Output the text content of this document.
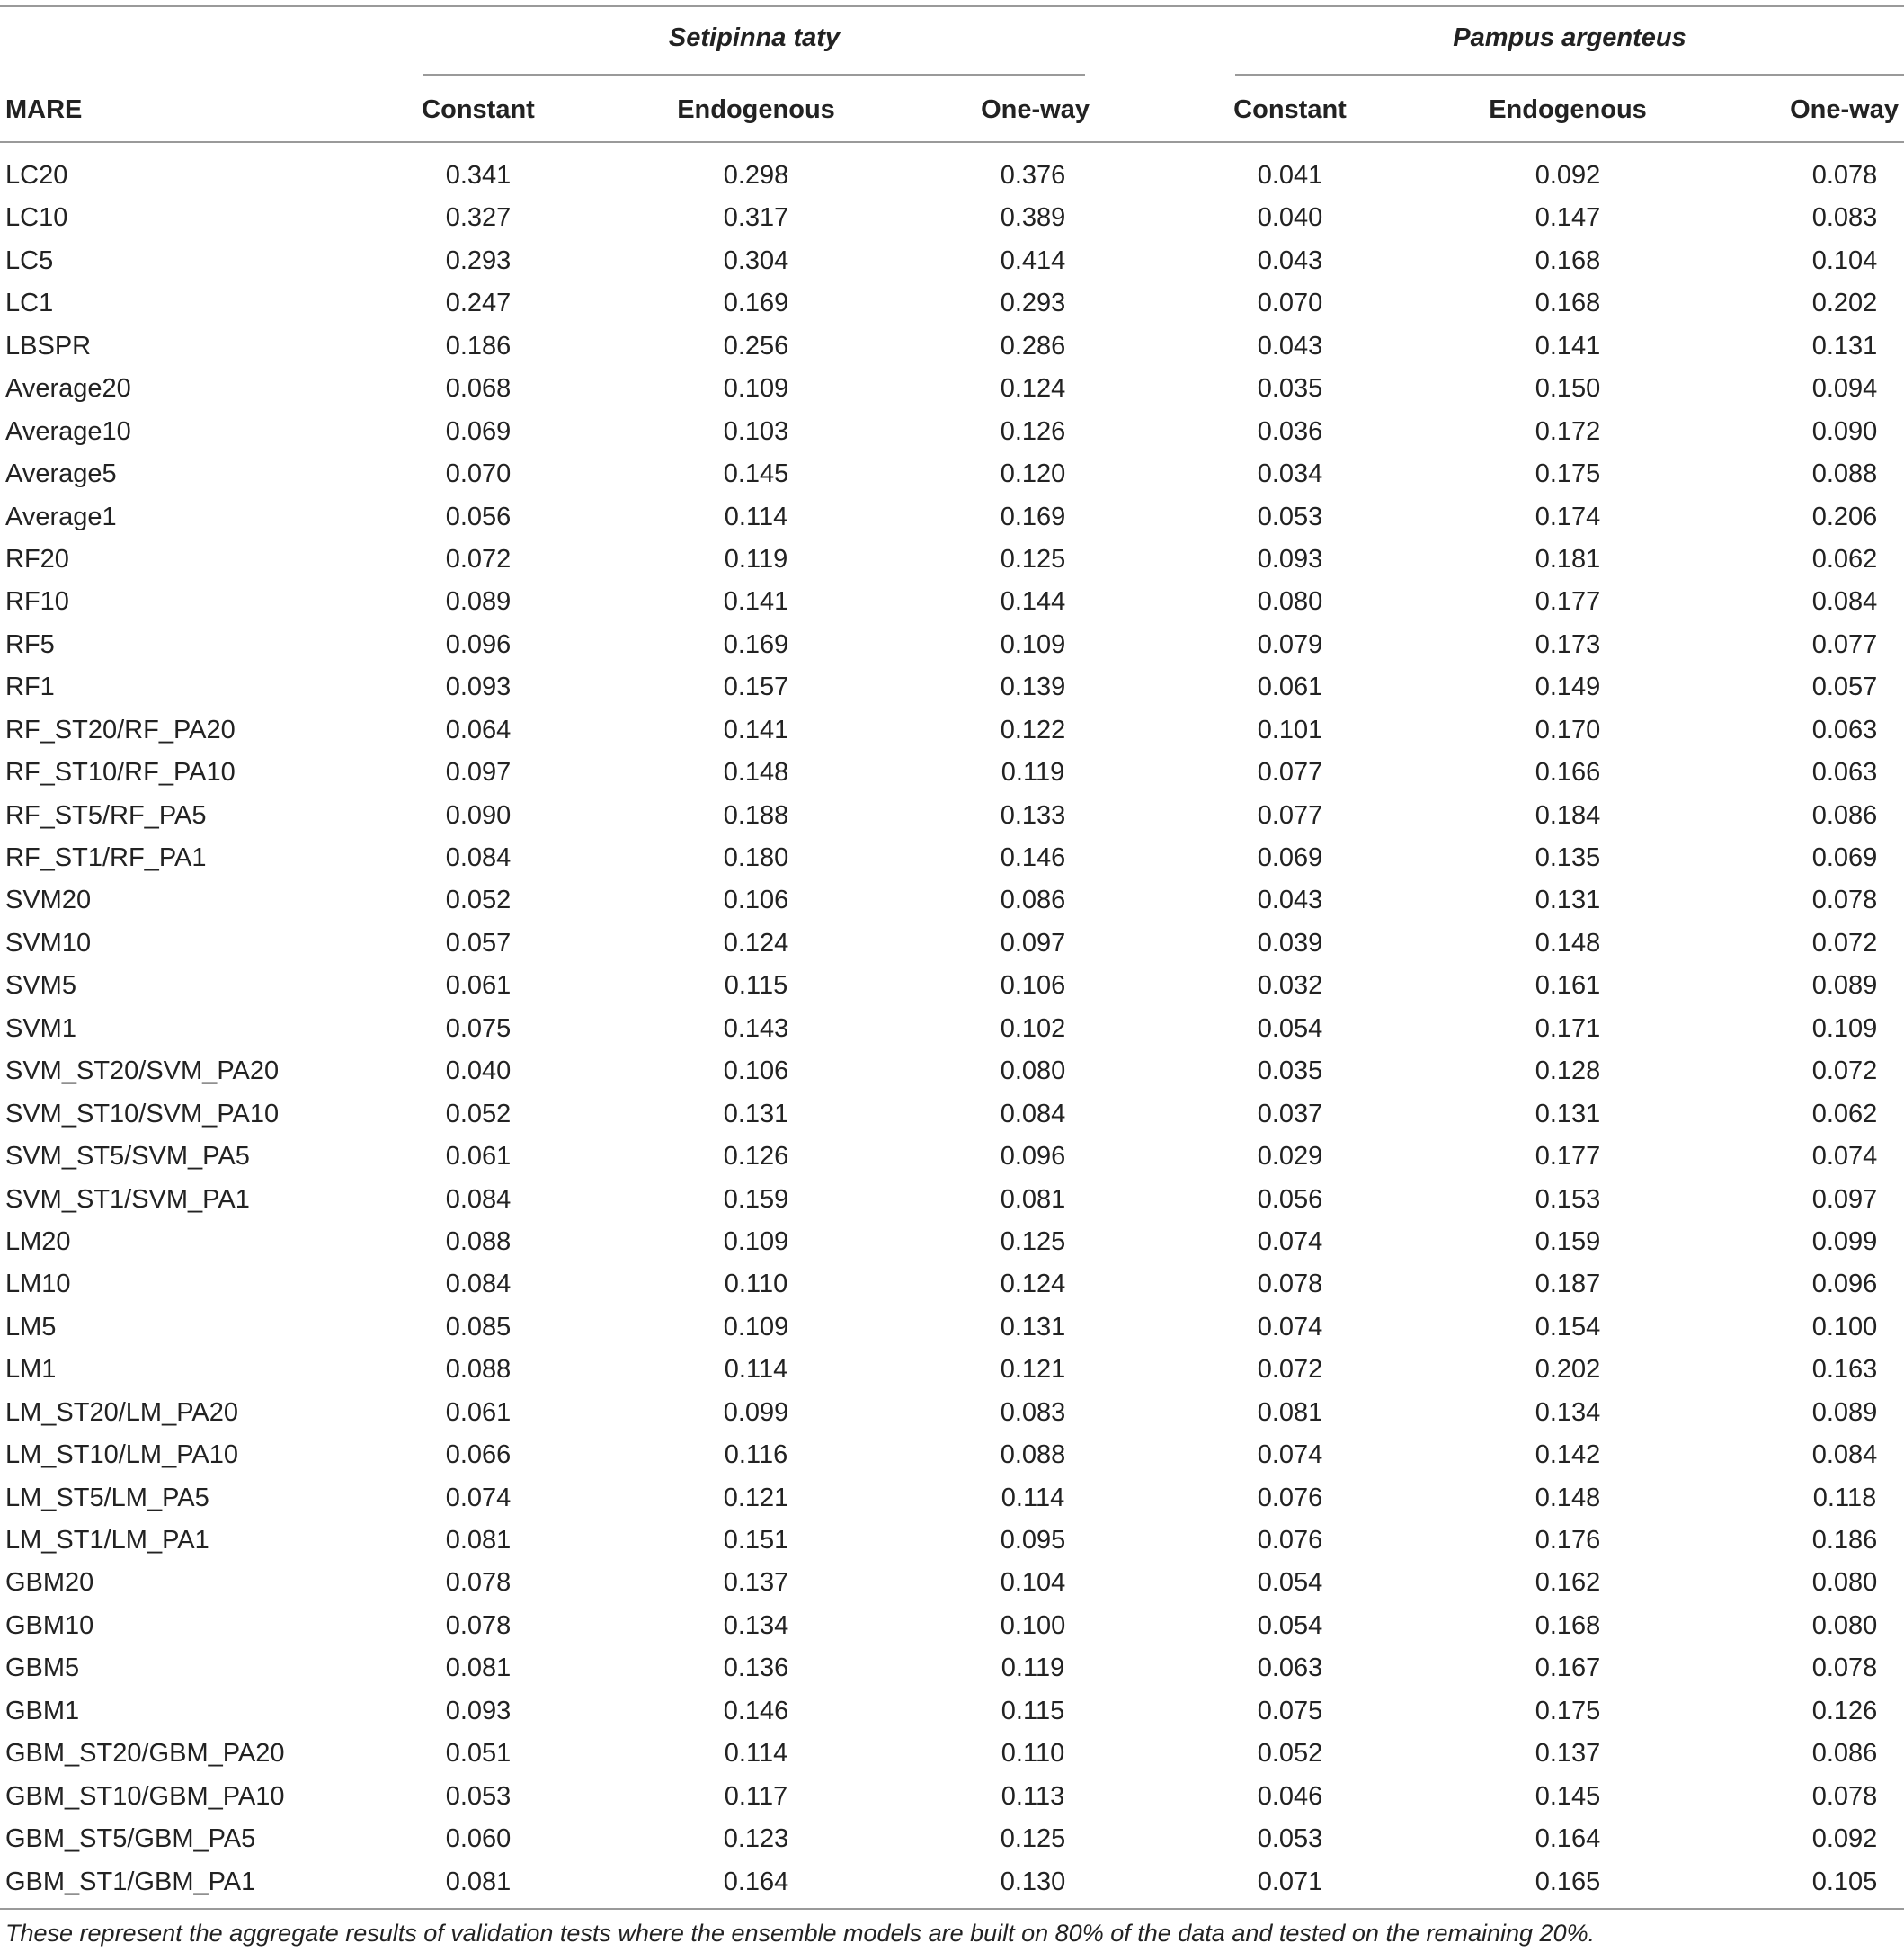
Setipinna taty	Pampus argenteus
MARE	Constant	Endogenous	One-way	Constant	Endogenous	One-way
LC20	0.341	0.298	0.376	0.041	0.092	0.078
LC10	0.327	0.317	0.389	0.040	0.147	0.083
LC5	0.293	0.304	0.414	0.043	0.168	0.104
LC1	0.247	0.169	0.293	0.070	0.168	0.202
LBSPR	0.186	0.256	0.286	0.043	0.141	0.131
Average20	0.068	0.109	0.124	0.035	0.150	0.094
Average10	0.069	0.103	0.126	0.036	0.172	0.090
Average5	0.070	0.145	0.120	0.034	0.175	0.088
Average1	0.056	0.114	0.169	0.053	0.174	0.206
RF20	0.072	0.119	0.125	0.093	0.181	0.062
RF10	0.089	0.141	0.144	0.080	0.177	0.084
RF5	0.096	0.169	0.109	0.079	0.173	0.077
RF1	0.093	0.157	0.139	0.061	0.149	0.057
RF_ST20/RF_PA20	0.064	0.141	0.122	0.101	0.170	0.063
RF_ST10/RF_PA10	0.097	0.148	0.119	0.077	0.166	0.063
RF_ST5/RF_PA5	0.090	0.188	0.133	0.077	0.184	0.086
RF_ST1/RF_PA1	0.084	0.180	0.146	0.069	0.135	0.069
SVM20	0.052	0.106	0.086	0.043	0.131	0.078
SVM10	0.057	0.124	0.097	0.039	0.148	0.072
SVM5	0.061	0.115	0.106	0.032	0.161	0.089
SVM1	0.075	0.143	0.102	0.054	0.171	0.109
SVM_ST20/SVM_PA20	0.040	0.106	0.080	0.035	0.128	0.072
SVM_ST10/SVM_PA10	0.052	0.131	0.084	0.037	0.131	0.062
SVM_ST5/SVM_PA5	0.061	0.126	0.096	0.029	0.177	0.074
SVM_ST1/SVM_PA1	0.084	0.159	0.081	0.056	0.153	0.097
LM20	0.088	0.109	0.125	0.074	0.159	0.099
LM10	0.084	0.110	0.124	0.078	0.187	0.096
LM5	0.085	0.109	0.131	0.074	0.154	0.100
LM1	0.088	0.114	0.121	0.072	0.202	0.163
LM_ST20/LM_PA20	0.061	0.099	0.083	0.081	0.134	0.089
LM_ST10/LM_PA10	0.066	0.116	0.088	0.074	0.142	0.084
LM_ST5/LM_PA5	0.074	0.121	0.114	0.076	0.148	0.118
LM_ST1/LM_PA1	0.081	0.151	0.095	0.076	0.176	0.186
GBM20	0.078	0.137	0.104	0.054	0.162	0.080
GBM10	0.078	0.134	0.100	0.054	0.168	0.080
GBM5	0.081	0.136	0.119	0.063	0.167	0.078
GBM1	0.093	0.146	0.115	0.075	0.175	0.126
GBM_ST20/GBM_PA20	0.051	0.114	0.110	0.052	0.137	0.086
GBM_ST10/GBM_PA10	0.053	0.117	0.113	0.046	0.145	0.078
GBM_ST5/GBM_PA5	0.060	0.123	0.125	0.053	0.164	0.092
GBM_ST1/GBM_PA1	0.081	0.164	0.130	0.071	0.165	0.105
These represent the aggregate results of validation tests where the ensemble models are built on 80% of the data and tested on the remaining 20%.
